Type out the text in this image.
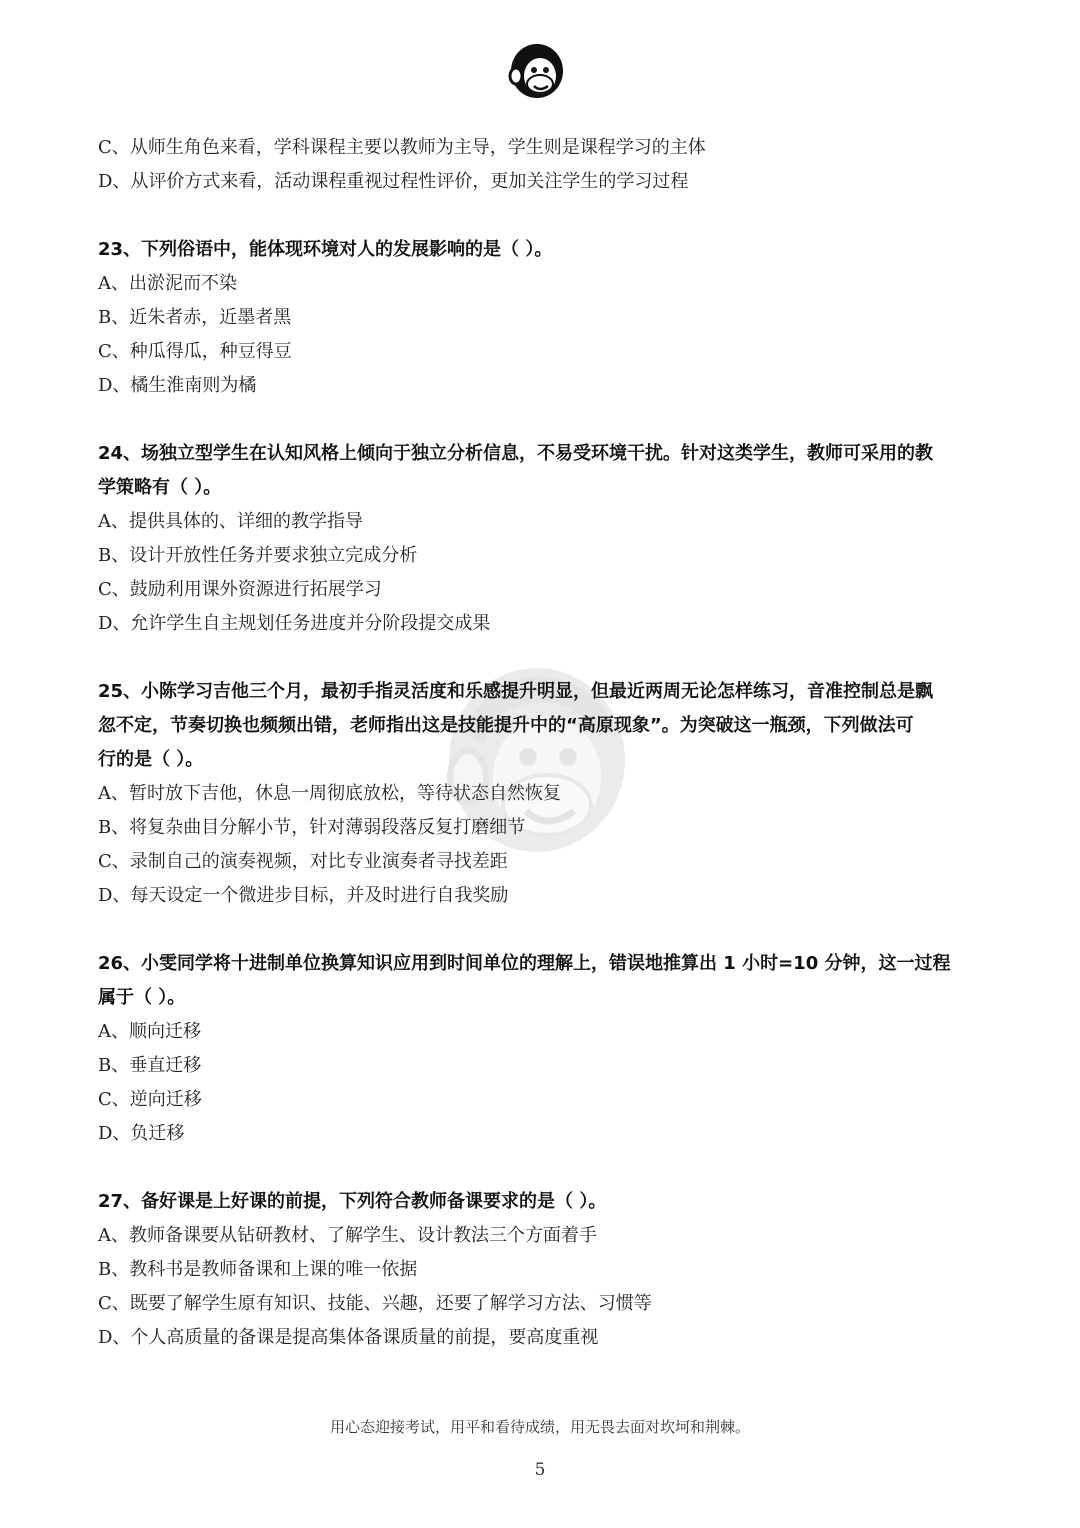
C、从师生角色来看，学科课程主要以教师为主导，学生则是课程学习的主体
D、从评价方式来看，活动课程重视过程性评价，更加关注学生的学习过程
23、下列俗语中，能体现环境对人的发展影响的是（ ）。
A、出淤泥而不染
B、近朱者赤，近墨者黑
C、种瓜得瓜，种豆得豆
D、橘生淮南则为橘
24、场独立型学生在认知风格上倾向于独立分析信息，不易受环境干扰。针对这类学生，教师可采用的教
学策略有（ ）。
A、提供具体的、详细的教学指导
B、设计开放性任务并要求独立完成分析
C、鼓励利用课外资源进行拓展学习
D、允许学生自主规划任务进度并分阶段提交成果
25、小陈学习吉他三个月，最初手指灵活度和乐感提升明显，但最近两周无论怎样练习，音准控制总是飘
忽不定，节奏切换也频频出错，老师指出这是技能提升中的“高原现象”。为突破这一瓶颈，下列做法可
行的是（ ）。
A、暂时放下吉他，休息一周彻底放松，等待状态自然恢复
B、将复杂曲目分解小节，针对薄弱段落反复打磨细节
C、录制自己的演奏视频，对比专业演奏者寻找差距
D、每天设定一个微进步目标，并及时进行自我奖励
26、小雯同学将十进制单位换算知识应用到时间单位的理解上，错误地推算出 1 小时=10 分钟，这一过程
属于（ ）。
A、顺向迁移
B、垂直迁移
C、逆向迁移
D、负迁移
27、备好课是上好课的前提，下列符合教师备课要求的是（ ）。
A、教师备课要从钻研教材、了解学生、设计教法三个方面着手
B、教科书是教师备课和上课的唯一依据
C、既要了解学生原有知识、技能、兴趣，还要了解学习方法、习惯等
D、个人高质量的备课是提高集体备课质量的前提，要高度重视
用心态迎接考试，用平和看待成绩，用无畏去面对坎坷和荆棘。
5
